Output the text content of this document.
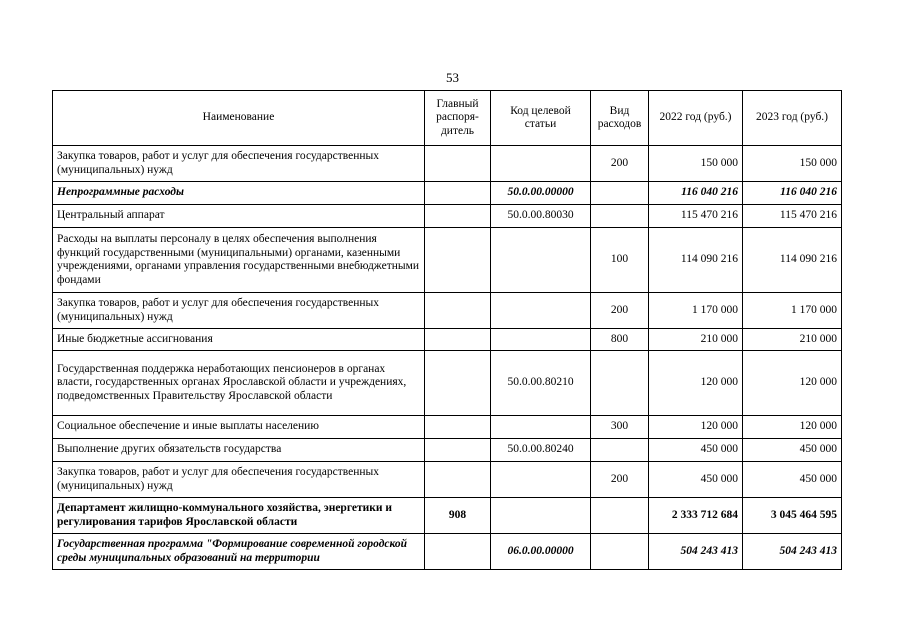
53
Наименование	Главный распоря-дитель	Код целевой статьи	Вид расходов	2022 год (руб.)	2023 год (руб.)
Закупка товаров, работ и услуг для обеспечения государственных (муниципальных) нужд			200	150 000	150 000
Непрограммные расходы		50.0.00.00000		116 040 216	116 040 216
Центральный аппарат		50.0.00.80030		115 470 216	115 470 216
Расходы на выплаты персоналу в целях обеспечения выполнения функций государственными (муниципальными) органами, казенными учреждениями, органами управления государственными внебюджетными фондами			100	114 090 216	114 090 216
Закупка товаров, работ и услуг для обеспечения государственных (муниципальных) нужд			200	1 170 000	1 170 000
Иные бюджетные ассигнования			800	210 000	210 000
Государственная поддержка неработающих пенсионеров в органах власти, государственных органах Ярославской области и учреждениях, подведомственных Правительству Ярославской области		50.0.00.80210		120 000	120 000
Социальное обеспечение и иные выплаты населению			300	120 000	120 000
Выполнение других обязательств государства		50.0.00.80240		450 000	450 000
Закупка товаров, работ и услуг для обеспечения государственных (муниципальных) нужд			200	450 000	450 000
Департамент жилищно-коммунального хозяйства, энергетики и регулирования тарифов Ярославской области	908			2 333 712 684	3 045 464 595
Государственная программа "Формирование современной городской среды муниципальных образований на территории		06.0.00.00000		504 243 413	504 243 413
